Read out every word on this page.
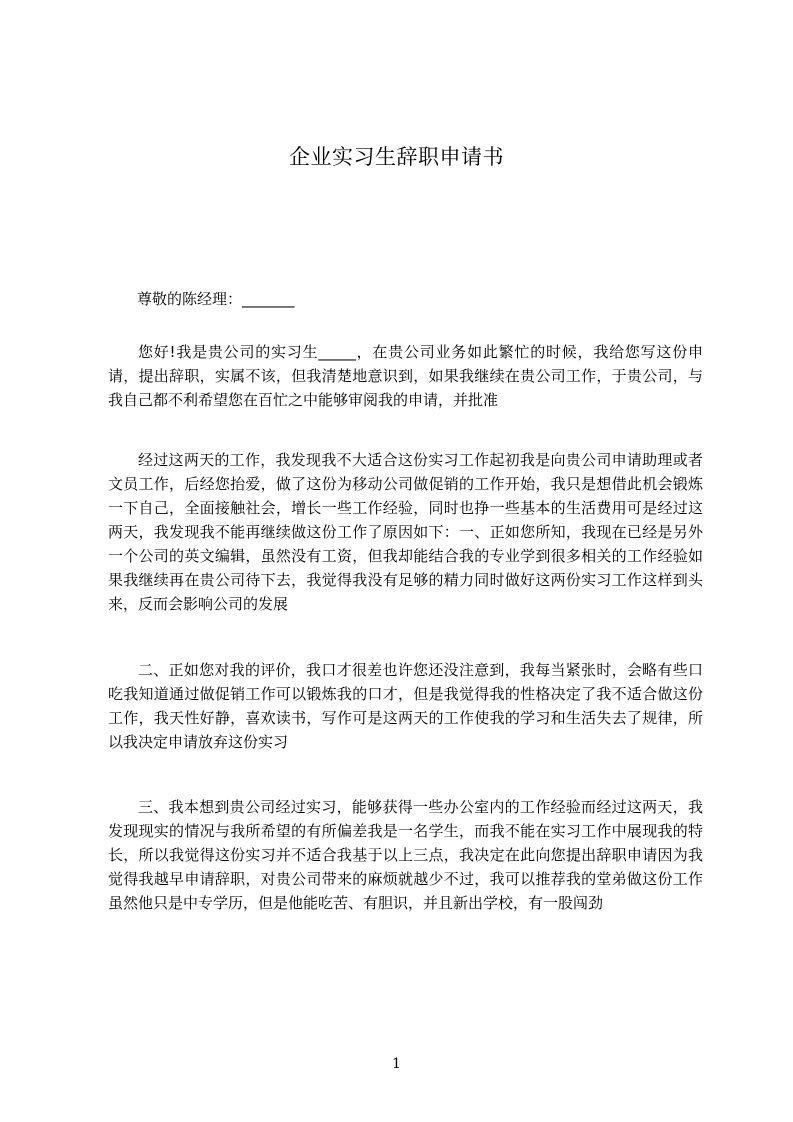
企业实习生辞职申请书

尊敬的陈经理：_______

您好!我是贵公司的实习生_____，在贵公司业务如此繁忙的时候，我给您写这份申请，提出辞职，实属不该，但我清楚地意识到，如果我继续在贵公司工作，于贵公司，与我自己都不利希望您在百忙之中能够审阅我的申请，并批准

经过这两天的工作，我发现我不大适合这份实习工作起初我是向贵公司申请助理或者文员工作，后经您抬爱，做了这份为移动公司做促销的工作开始，我只是想借此机会锻炼一下自己，全面接触社会，增长一些工作经验，同时也挣一些基本的生活费用可是经过这两天，我发现我不能再继续做这份工作了原因如下：一、正如您所知，我现在已经是另外一个公司的英文编辑，虽然没有工资，但我却能结合我的专业学到很多相关的工作经验如果我继续再在贵公司待下去，我觉得我没有足够的精力同时做好这两份实习工作这样到头来，反而会影响公司的发展

二、正如您对我的评价，我口才很差也许您还没注意到，我每当紧张时，会略有些口吃我知道通过做促销工作可以锻炼我的口才，但是我觉得我的性格决定了我不适合做这份工作，我天性好静，喜欢读书，写作可是这两天的工作使我的学习和生活失去了规律，所以我决定申请放弃这份实习

三、我本想到贵公司经过实习，能够获得一些办公室内的工作经验而经过这两天，我发现现实的情况与我所希望的有所偏差我是一名学生，而我不能在实习工作中展现我的特长，所以我觉得这份实习并不适合我基于以上三点，我决定在此向您提出辞职申请因为我觉得我越早申请辞职，对贵公司带来的麻烦就越少不过，我可以推荐我的堂弟做这份工作虽然他只是中专学历，但是他能吃苦、有胆识，并且新出学校，有一股闯劲

1
